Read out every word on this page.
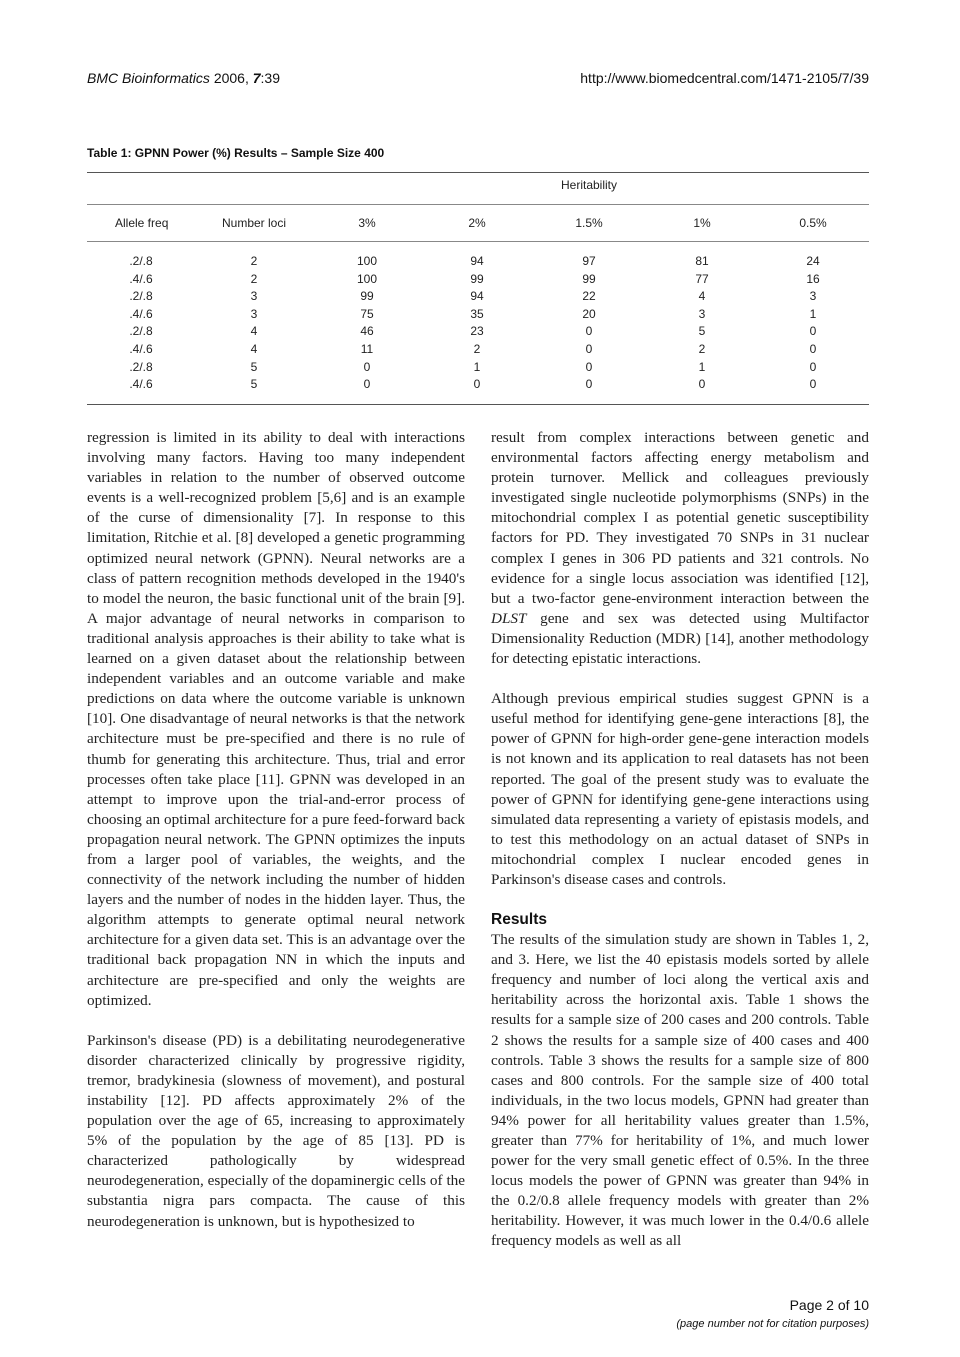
BMC Bioinformatics 2006, 7:39	http://www.biomedcentral.com/1471-2105/7/39
Table 1: GPNN Power (%) Results – Sample Size 400
Heritability
Allele freq	Number loci	3%	2%	1.5%	1%	0.5%
.2/.8	2	100	94	97	81	24
.4/.6	2	100	99	99	77	16
.2/.8	3	99	94	22	4	3
.4/.6	3	75	35	20	3	1
.2/.8	4	46	23	0	5	0
.4/.6	4	11	2	0	2	0
.2/.8	5	0	1	0	1	0
.4/.6	5	0	0	0	0	0

regression is limited in its ability to deal with interactions involving many factors. Having too many independent variables in relation to the number of observed outcome events is a well-recognized problem [5,6] and is an example of the curse of dimensionality [7]. In response to this limitation, Ritchie et al. [8] developed a genetic programming optimized neural network (GPNN). Neural networks are a class of pattern recognition methods developed in the 1940's to model the neuron, the basic functional unit of the brain [9]. A major advantage of neural networks in comparison to traditional analysis approaches is their ability to take what is learned on a given dataset about the relationship between independent variables and an outcome variable and make predictions on data where the outcome variable is unknown [10]. One disadvantage of neural networks is that the network architecture must be pre-specified and there is no rule of thumb for generating this architecture. Thus, trial and error processes often take place [11]. GPNN was developed in an attempt to improve upon the trial-and-error process of choosing an optimal architecture for a pure feed-forward back propagation neural network. The GPNN optimizes the inputs from a larger pool of variables, the weights, and the connectivity of the network including the number of hidden layers and the number of nodes in the hidden layer. Thus, the algorithm attempts to generate optimal neural network architecture for a given data set. This is an advantage over the traditional back propagation NN in which the inputs and architecture are pre-specified and only the weights are optimized.

Parkinson's disease (PD) is a debilitating neurodegenerative disorder characterized clinically by progressive rigidity, tremor, bradykinesia (slowness of movement), and postural instability [12]. PD affects approximately 2% of the population over the age of 65, increasing to approximately 5% of the population by the age of 85 [13]. PD is characterized pathologically by widespread neurodegeneration, especially of the dopaminergic cells of the substantia nigra pars compacta. The cause of this neurodegeneration is unknown, but is hypothesized to

result from complex interactions between genetic and environmental factors affecting energy metabolism and protein turnover. Mellick and colleagues previously investigated single nucleotide polymorphisms (SNPs) in the mitochondrial complex I as potential genetic susceptibility factors for PD. They investigated 70 SNPs in 31 nuclear complex I genes in 306 PD patients and 321 controls. No evidence for a single locus association was identified [12], but a two-factor gene-environment interaction between the DLST gene and sex was detected using Multifactor Dimensionality Reduction (MDR) [14], another methodology for detecting epistatic interactions.

Although previous empirical studies suggest GPNN is a useful method for identifying gene-gene interactions [8], the power of GPNN for high-order gene-gene interaction models is not known and its application to real datasets has not been reported. The goal of the present study was to evaluate the power of GPNN for identifying gene-gene interactions using simulated data representing a variety of epistasis models, and to test this methodology on an actual dataset of SNPs in mitochondrial complex I nuclear encoded genes in Parkinson's disease cases and controls.

Results

The results of the simulation study are shown in Tables 1, 2, and 3. Here, we list the 40 epistasis models sorted by allele frequency and number of loci along the vertical axis and heritability across the horizontal axis. Table 1 shows the results for a sample size of 200 cases and 200 controls. Table 2 shows the results for a sample size of 400 cases and 400 controls. Table 3 shows the results for a sample size of 800 cases and 800 controls. For the sample size of 400 total individuals, in the two locus models, GPNN had greater than 94% power for all heritability values greater than 1.5%, greater than 77% for heritability of 1%, and much lower power for the very small genetic effect of 0.5%. In the three locus models the power of GPNN was greater than 94% in the 0.2/0.8 allele frequency models with greater than 2% heritability. However, it was much lower in the 0.4/0.6 allele frequency models as well as all

Page 2 of 10
(page number not for citation purposes)
